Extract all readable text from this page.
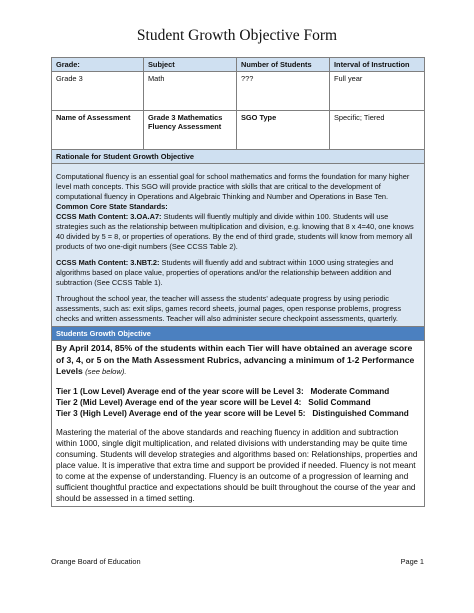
Student Growth Objective Form
Grade:	Subject	Number of Students	Interval of Instruction
Grade 3	Math	???	Full year
Name of Assessment	Grade 3 Mathematics Fluency Assessment	SGO Type	Specific; Tiered
Rationale for Student Growth Objective			

Computational fluency is an essential goal for school mathematics and forms the foundation for many higher level math concepts. This SGO will provide practice with skills that are critical to the development of computational fluency in Operations and Algebraic Thinking and Number and Operations in Base Ten.

Common Core State Standards:

CCSS Math Content: 3.OA.A7: Students will fluently multiply and divide within 100. Students will use strategies such as the relationship between multiplication and division, e.g. knowing that 8 x 4=40, one knows 40 divided by 5 = 8, or properties of operations. By the end of third grade, students will know from memory all products of two one-digit numbers (See CCSS Table 2).

CCSS Math Content: 3.NBT.2: Students will fluently add and subtract within 1000 using strategies and algorithms based on place value, properties of operations and/or the relationship between addition and subtraction (See CCSS Table 1).

Throughout the school year, the teacher will assess the students' adequate progress by using periodic assessments, such as: exit slips, games record sheets, journal pages, open response problems, progress checks and written assessments. Teacher will also administer secure checkpoint assessments, quarterly.			

Students Growth Objective			

By April 2014, 85% of the students within each Tier will have obtained an average score of 3, 4, or 5 on the Math Assessment Rubrics, advancing a minimum of 1-2 Performance Levels (see below).

Tier 1 (Low Level) Average end of the year score will be Level 3: Moderate Command

Tier 2 (Mid Level) Average end of the year score will be Level 4: Solid Command

Tier 3 (High Level) Average end of the year score will be Level 5: Distinguished Command

Mastering the material of the above standards and reaching fluency in addition and subtraction within 1000, single digit multiplication, and related divisions with understanding may be quite time consuming. Students will develop strategies and algorithms based on: Relationships, properties and place value. It is imperative that extra time and support be provided if needed. Fluency is not meant to come at the expense of understanding. Fluency is an outcome of a progression of learning and sufficient thoughtful practice and expectations should be built throughout the course of the year and should be assessed in a timed setting.			

Orange Board of Education	Page 1
